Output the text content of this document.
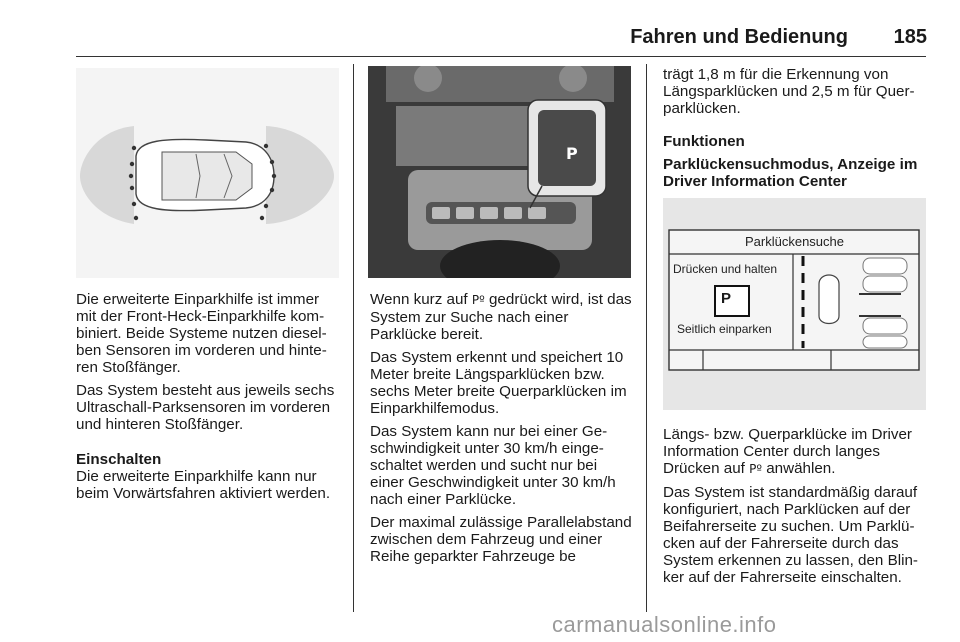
Fahren und Bedienung 185

Die erweiterte Einparkhilfe ist immer mit der Front-Heck-Einparkhilfe kombiniert. Beide Systeme nutzen dieselben Sensoren im vorderen und hinteren Stoßfänger.

Das System besteht aus jeweils sechs Ultraschall-Parksensoren im vorderen und hinteren Stoßfänger.

Einschalten

Die erweiterte Einparkhilfe kann nur beim Vorwärtsfahren aktiviert werden.

P

Wenn kurz auf Pº gedrückt wird, ist das System zur Suche nach einer Parklücke bereit.

Das System erkennt und speichert 10 Meter breite Längsparklücken bzw. sechs Meter breite Querparklücken im Einparkhilfemodus.

Das System kann nur bei einer Geschwindigkeit unter 30 km/h eingeschaltet werden und sucht nur bei einer Geschwindigkeit unter 30 km/h nach einer Parklücke.

Der maximal zulässige Parallelabstand zwischen dem Fahrzeug und einer Reihe geparkter Fahrzeuge be

trägt 1,8 m für die Erkennung von Längsparklücken und 2,5 m für Querparklücken.

Funktionen
Parklückensuchmodus, Anzeige im Driver Information Center
Parklückensuche
Drücken und halten
P
Seitlich einparken

Längs- bzw. Querparklücke im Driver Information Center durch langes Drücken auf Pº anwählen.

Das System ist standardmäßig darauf konfiguriert, nach Parklücken auf der Beifahrerseite zu suchen. Um Parklücken auf der Fahrerseite durch das System erkennen zu lassen, den Blinker auf der Fahrerseite einschalten.

carmanualsonline.info
